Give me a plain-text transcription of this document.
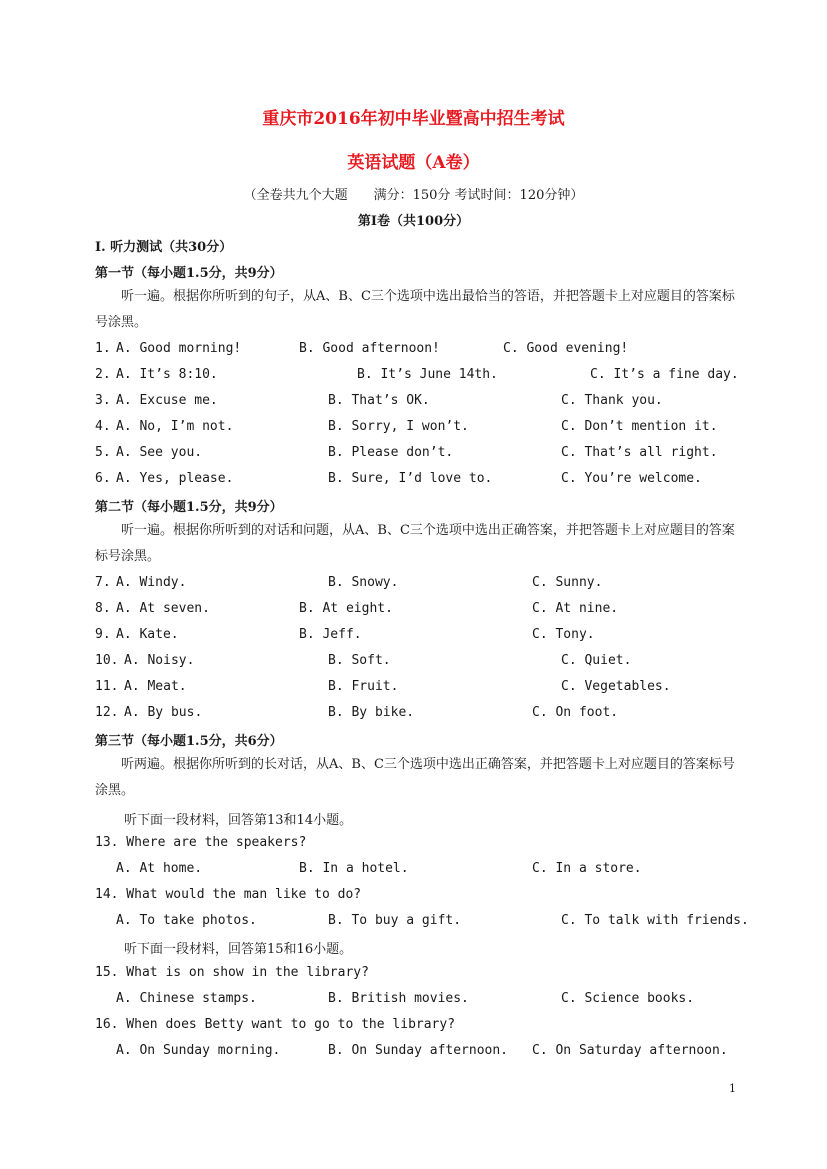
重庆市2016年初中毕业暨高中招生考试
英语试题（A卷）
（全卷共九个大题　　满分：150分 考试时间：120分钟）
第Ⅰ卷（共100分）
I. 听力测试（共30分）
第一节（每小题1.5分，共9分）
听一遍。根据你所听到的句子，从A、B、C三个选项中选出最恰当的答语，并把答题卡上对应题目的答案标号涂黑。
1. A. Good morning!	B. Good afternoon!	C. Good evening!
2. A. It’s 8:10.	B. It’s June 14th.	C. It’s a fine day.
3. A. Excuse me.	B. That’s OK.	C. Thank you.
4. A. No, I’m not.	B. Sorry, I won’t.	C. Don’t mention it.
5. A. See you.	B. Please don’t.	C. That’s all right.
6. A. Yes, please.	B. Sure, I’d love to.	C. You’re welcome.
第二节（每小题1.5分，共9分）
听一遍。根据你所听到的对话和问题，从A、B、C三个选项中选出正确答案，并把答题卡上对应题目的答案标号涂黑。
7. A. Windy.	B. Snowy.	C. Sunny.
8. A. At seven.	B. At eight.	C. At nine.
9. A. Kate.	B. Jeff.	C. Tony.
10. A. Noisy.	B. Soft.	C. Quiet.
11. A. Meat.	B. Fruit.	C. Vegetables.
12. A. By bus.	B. By bike.	C. On foot.
第三节（每小题1.5分，共6分）
听两遍。根据你所听到的长对话，从A、B、C三个选项中选出正确答案，并把答题卡上对应题目的答案标号涂黑。
听下面一段材料，回答第13和14小题。
13. Where are the speakers?
A. At home.	B. In a hotel.	C. In a store.
14. What would the man like to do?
A. To take photos.	B. To buy a gift.	C. To talk with friends.
听下面一段材料，回答第15和16小题。
15. What is on show in the library?
A. Chinese stamps.	B. British movies.	C. Science books.
16. When does Betty want to go to the library?
A. On Sunday morning.	B. On Sunday afternoon. C. On Saturday afternoon.
1
